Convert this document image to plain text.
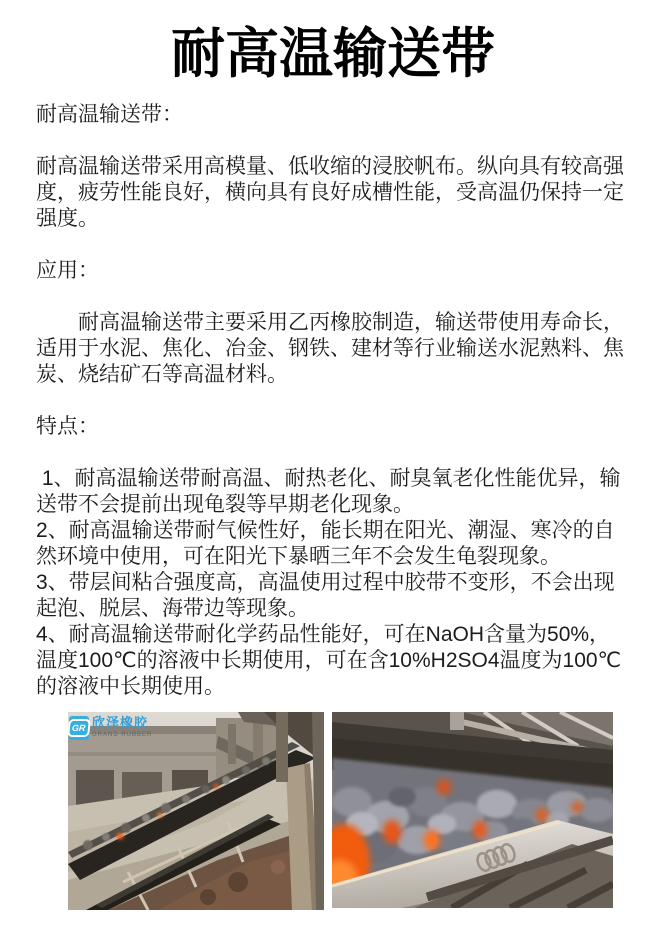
耐高温输送带

耐高温输送带：

耐高温输送带采用高模量、低收缩的浸胶帆布。纵向具有较高强度，疲劳性能良好，横向具有良好成槽性能，受高温仍保持一定强度。

应用：

　　耐高温输送带主要采用乙丙橡胶制造，输送带使用寿命长，适用于水泥、焦化、冶金、钢铁、建材等行业输送水泥熟料、焦炭、烧结矿石等高温材料。

特点：

1、耐高温输送带耐高温、耐热老化、耐臭氧老化性能优异，输送带不会提前出现龟裂等早期老化现象。

2、耐高温输送带耐气候性好，能长期在阳光、潮湿、寒冷的自然环境中使用，可在阳光下暴晒三年不会发生龟裂现象。

3、带层间粘合强度高，高温使用过程中胶带不变形，不会出现起泡、脱层、海带边等现象。

4、耐高温输送带耐化学药品性能好，可在NaOH含量为50%，温度100℃的溶液中长期使用，可在含10%H2SO4温度为100℃的溶液中长期使用。

GR 欣泽橡胶
GRAND RUBBER
